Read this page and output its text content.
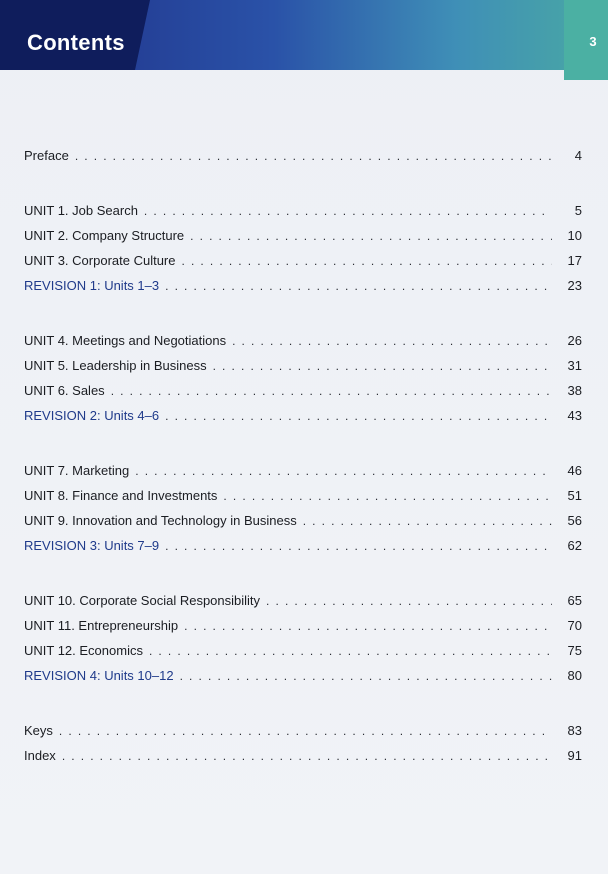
Contents	3
Preface . . .	4
UNIT 1. Job Search . . .	5
UNIT 2. Company Structure . . .	10
UNIT 3. Corporate Culture . . .	17
REVISION 1: Units 1–3 . . .	23
UNIT 4. Meetings and Negotiations . . .	26
UNIT 5. Leadership in Business . . .	31
UNIT 6. Sales . . .	38
REVISION 2: Units 4–6 . . .	43
UNIT 7. Marketing . . .	46
UNIT 8. Finance and Investments . . .	51
UNIT 9. Innovation and Technology in Business . . .	56
REVISION 3: Units 7–9 . . .	62
UNIT 10. Corporate Social Responsibility . . .	65
UNIT 11. Entrepreneurship . . .	70
UNIT 12. Economics . . .	75
REVISION 4: Units 10–12 . . .	80
Keys . . .	83
Index . . .	91
